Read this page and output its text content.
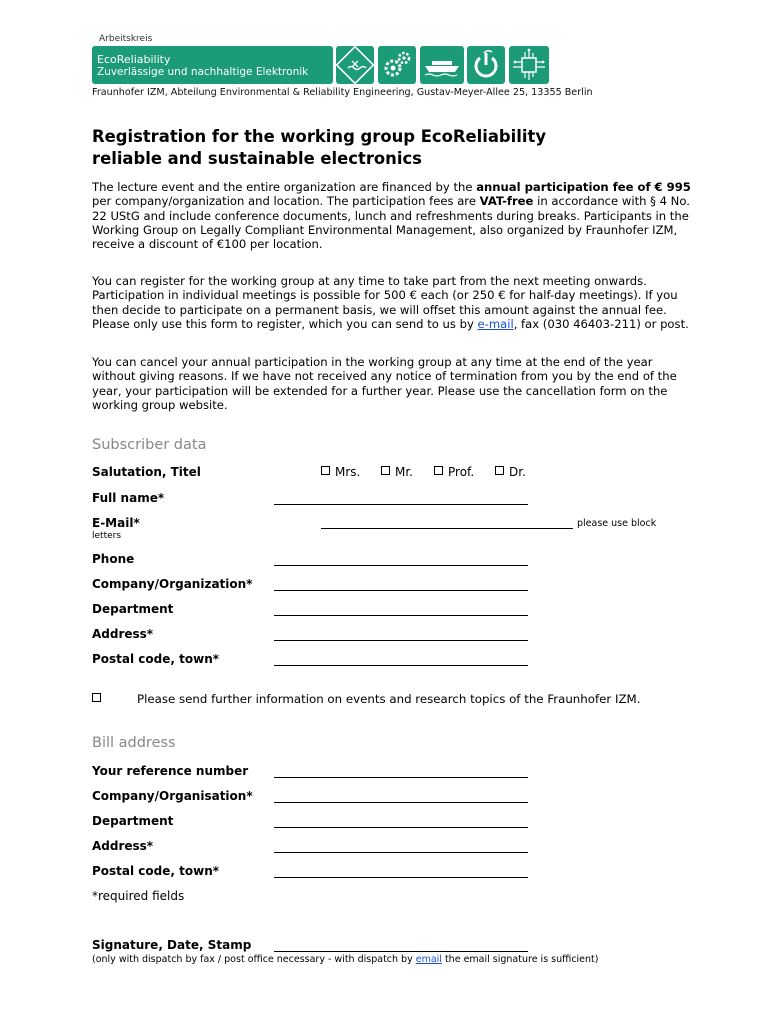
Arbeitskreis
EcoReliability
Zuverlässige und nachhaltige Elektronik
Fraunhofer IZM, Abteilung Environmental & Reliability Engineering, Gustav-Meyer-Allee 25, 13355 Berlin
Registration for the working group EcoReliability
reliable and sustainable electronics

The lecture event and the entire organization are financed by the annual participation fee of € 995 per company/organization and location. The participation fees are VAT-free in accordance with § 4 No. 22 UStG and include conference documents, lunch and refreshments during breaks. Participants in the Working Group on Legally Compliant Environmental Management, also organized by Fraunhofer IZM, receive a discount of €100 per location.

You can register for the working group at any time to take part from the next meeting onwards. Participation in individual meetings is possible for 500 € each (or 250 € for half-day meetings). If you then decide to participate on a permanent basis, we will offset this amount against the annual fee. Please only use this form to register, which you can send to us by e-mail, fax (030 46403-211) or post.

You can cancel your annual participation in the working group at any time at the end of the year without giving reasons. If we have not received any notice of termination from you by the end of the year, your participation will be extended for a further year. Please use the cancellation form on the working group website.

Subscriber data
Salutation, Titel	Mrs.	Mr.	Prof.	Dr.
Full name*
E-Mail*	please use block
letters
Phone
Company/Organization*
Department
Address*
Postal code, town*
Please send further information on events and research topics of the Fraunhofer IZM.
Bill address
Your reference number
Company/Organisation*
Department
Address*
Postal code, town*
*required fields
Signature, Date, Stamp
(only with dispatch by fax / post office necessary - with dispatch by email the email signature is sufficient)
